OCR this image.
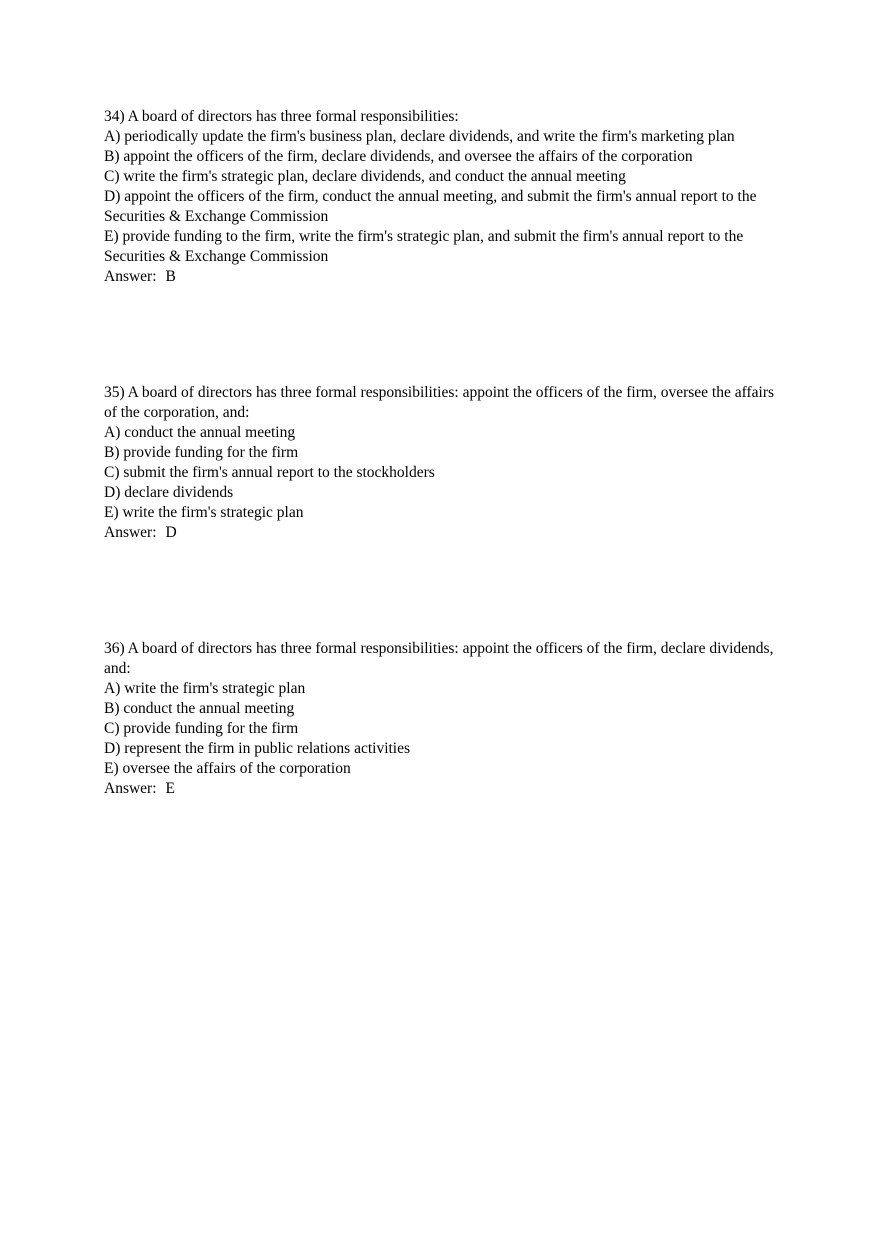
34) A board of directors has three formal responsibilities:

A) periodically update the firm's business plan, declare dividends, and write the firm's marketing plan

B) appoint the officers of the firm, declare dividends, and oversee the affairs of the corporation

C) write the firm's strategic plan, declare dividends, and conduct the annual meeting

D) appoint the officers of the firm, conduct the annual meeting, and submit the firm's annual report to the Securities & Exchange Commission

E) provide funding to the firm, write the firm's strategic plan, and submit the firm's annual report to the Securities & Exchange Commission

Answer: B

35) A board of directors has three formal responsibilities: appoint the officers of the firm, oversee the affairs of the corporation, and:

A) conduct the annual meeting

B) provide funding for the firm

C) submit the firm's annual report to the stockholders

D) declare dividends

E) write the firm's strategic plan

Answer: D

36) A board of directors has three formal responsibilities: appoint the officers of the firm, declare dividends, and:

A) write the firm's strategic plan

B) conduct the annual meeting

C) provide funding for the firm

D) represent the firm in public relations activities

E) oversee the affairs of the corporation

Answer: E
